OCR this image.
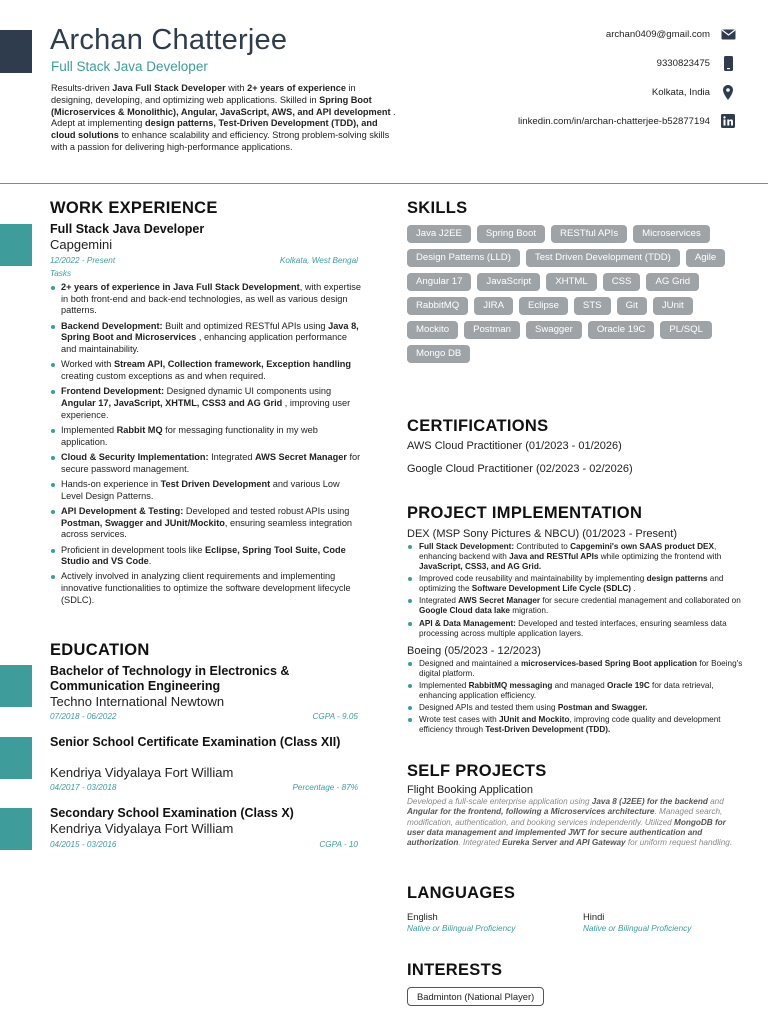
Archan Chatterjee
Full Stack Java Developer

Results-driven Java Full Stack Developer with 2+ years of experience in designing, developing, and optimizing web applications. Skilled in Spring Boot (Microservices & Monolithic), Angular, JavaScript, AWS, and API development . Adept at implementing design patterns, Test-Driven Development (TDD), and cloud solutions to enhance scalability and efficiency. Strong problem-solving skills with a passion for delivering high-performance applications.

archan0409@gmail.com
9330823475
Kolkata, India
linkedin.com/in/archan-chatterjee-b52877194
WORK EXPERIENCE
Full Stack Java Developer
Capgemini
12/2022 - Present	Kolkata, West Bengal
Tasks
2+ years of experience in Java Full Stack Development, with expertise in both front-end and back-end technologies, as well as various design patterns.
Backend Development: Built and optimized RESTful APIs using Java 8, Spring Boot and Microservices , enhancing application performance and maintainability.
Worked with Stream API, Collection framework, Exception handling creating custom exceptions as and when required.
Frontend Development: Designed dynamic UI components using Angular 17, JavaScript, XHTML, CSS3 and AG Grid , improving user experience.
Implemented Rabbit MQ for messaging functionality in my web application.
Cloud & Security Implementation: Integrated AWS Secret Manager for secure password management.
Hands-on experience in Test Driven Development and various Low Level Design Patterns.
API Development & Testing: Developed and tested robust APIs using Postman, Swagger and JUnit/Mockito, ensuring seamless integration across services.
Proficient in development tools like Eclipse, Spring Tool Suite, Code Studio and VS Code.
Actively involved in analyzing client requirements and implementing innovative functionalities to optimize the software development lifecycle (SDLC).
EDUCATION
Bachelor of Technology in Electronics & Communication Engineering
Techno International Newtown
07/2018 - 06/2022	CGPA - 9.05
Senior School Certificate Examination (Class XII)
Kendriya Vidyalaya Fort William
04/2017 - 03/2018	Percentage - 87%
Secondary School Examination (Class X)
Kendriya Vidyalaya Fort William
04/2015 - 03/2016	CGPA - 10
SKILLS
Java J2EE	Spring Boot	RESTful APIs	Microservices
Design Patterns (LLD)	Test Driven Development (TDD)	Agile
Angular 17	JavaScript	XHTML	CSS	AG Grid
RabbitMQ	JIRA	Eclipse	STS	Git	JUnit
Mockito	Postman	Swagger	Oracle 19C	PL/SQL
Mongo DB
CERTIFICATIONS
AWS Cloud Practitioner (01/2023 - 01/2026)
Google Cloud Practitioner (02/2023 - 02/2026)
PROJECT IMPLEMENTATION
DEX (MSP Sony Pictures & NBCU) (01/2023 - Present)
Full Stack Development: Contributed to Capgemini's own SAAS product DEX, enhancing backend with Java and RESTful APIs while optimizing the frontend with JavaScript, CSS3, and AG Grid.
Improved code reusability and maintainability by implementing design patterns and optimizing the Software Development Life Cycle (SDLC) .
Integrated AWS Secret Manager for secure credential management and collaborated on Google Cloud data lake migration.
API & Data Management: Developed and tested interfaces, ensuring seamless data processing across multiple application layers.
Boeing (05/2023 - 12/2023)
Designed and maintained a microservices-based Spring Boot application for Boeing's digital platform.
Implemented RabbitMQ messaging and managed Oracle 19C for data retrieval, enhancing application efficiency.
Designed APIs and tested them using Postman and Swagger.
Wrote test cases with JUnit and Mockito, improving code quality and development efficiency through Test-Driven Development (TDD).
SELF PROJECTS
Flight Booking Application

Developed a full-scale enterprise application using Java 8 (J2EE) for the backend and Angular for the frontend, following a Microservices architecture. Managed search, modification, authentication, and booking services independently. Utilized MongoDB for user data management and implemented JWT for secure authentication and authorization. Integrated Eureka Server and API Gateway for uniform request handling.

LANGUAGES
English
Native or Bilingual Proficiency
Hindi
Native or Bilingual Proficiency
INTERESTS
Badminton (National Player)
